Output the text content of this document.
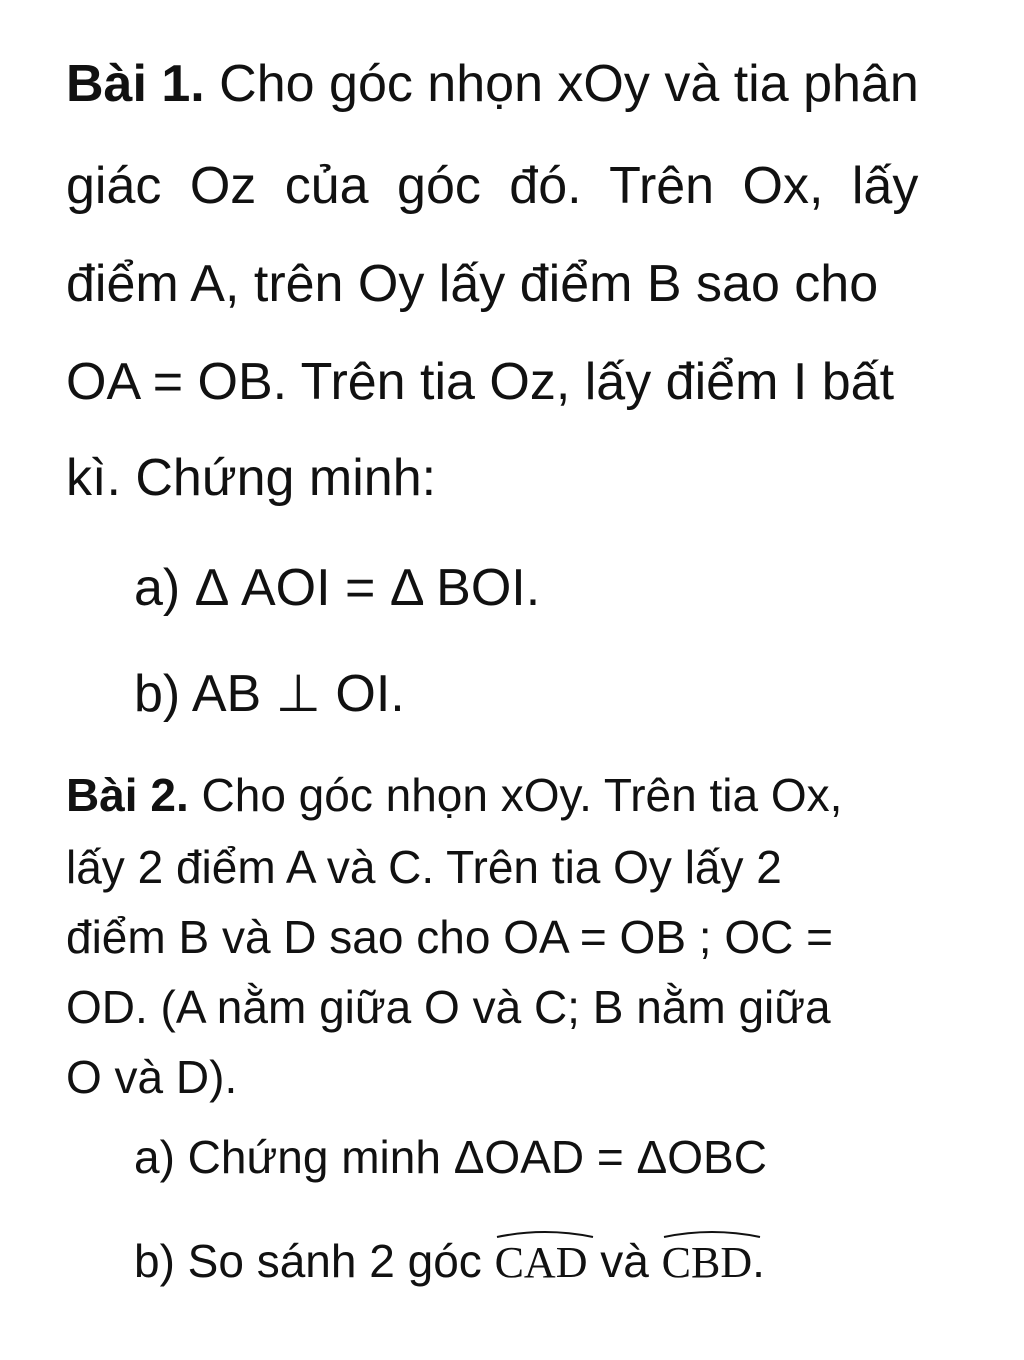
Bài 1. Cho góc nhọn xOy và tia phân
giác Oz của góc đó. Trên Ox, lấy
điểm A, trên Oy lấy điểm B sao cho
OA = OB. Trên tia Oz, lấy điểm I bất
kì. Chứng minh:
a) Δ AOI = Δ BOI.
b) AB ⊥ OI.
Bài 2. Cho góc nhọn xOy. Trên tia Ox,
lấy 2 điểm A và C. Trên tia Oy lấy 2
điểm B và D sao cho OA = OB ; OC =
OD. (A nằm giữa O và C; B nằm giữa
O và D).
a) Chứng minh ΔOAD = ΔOBC
b) So sánh 2 góc
CAD và
CBD.
